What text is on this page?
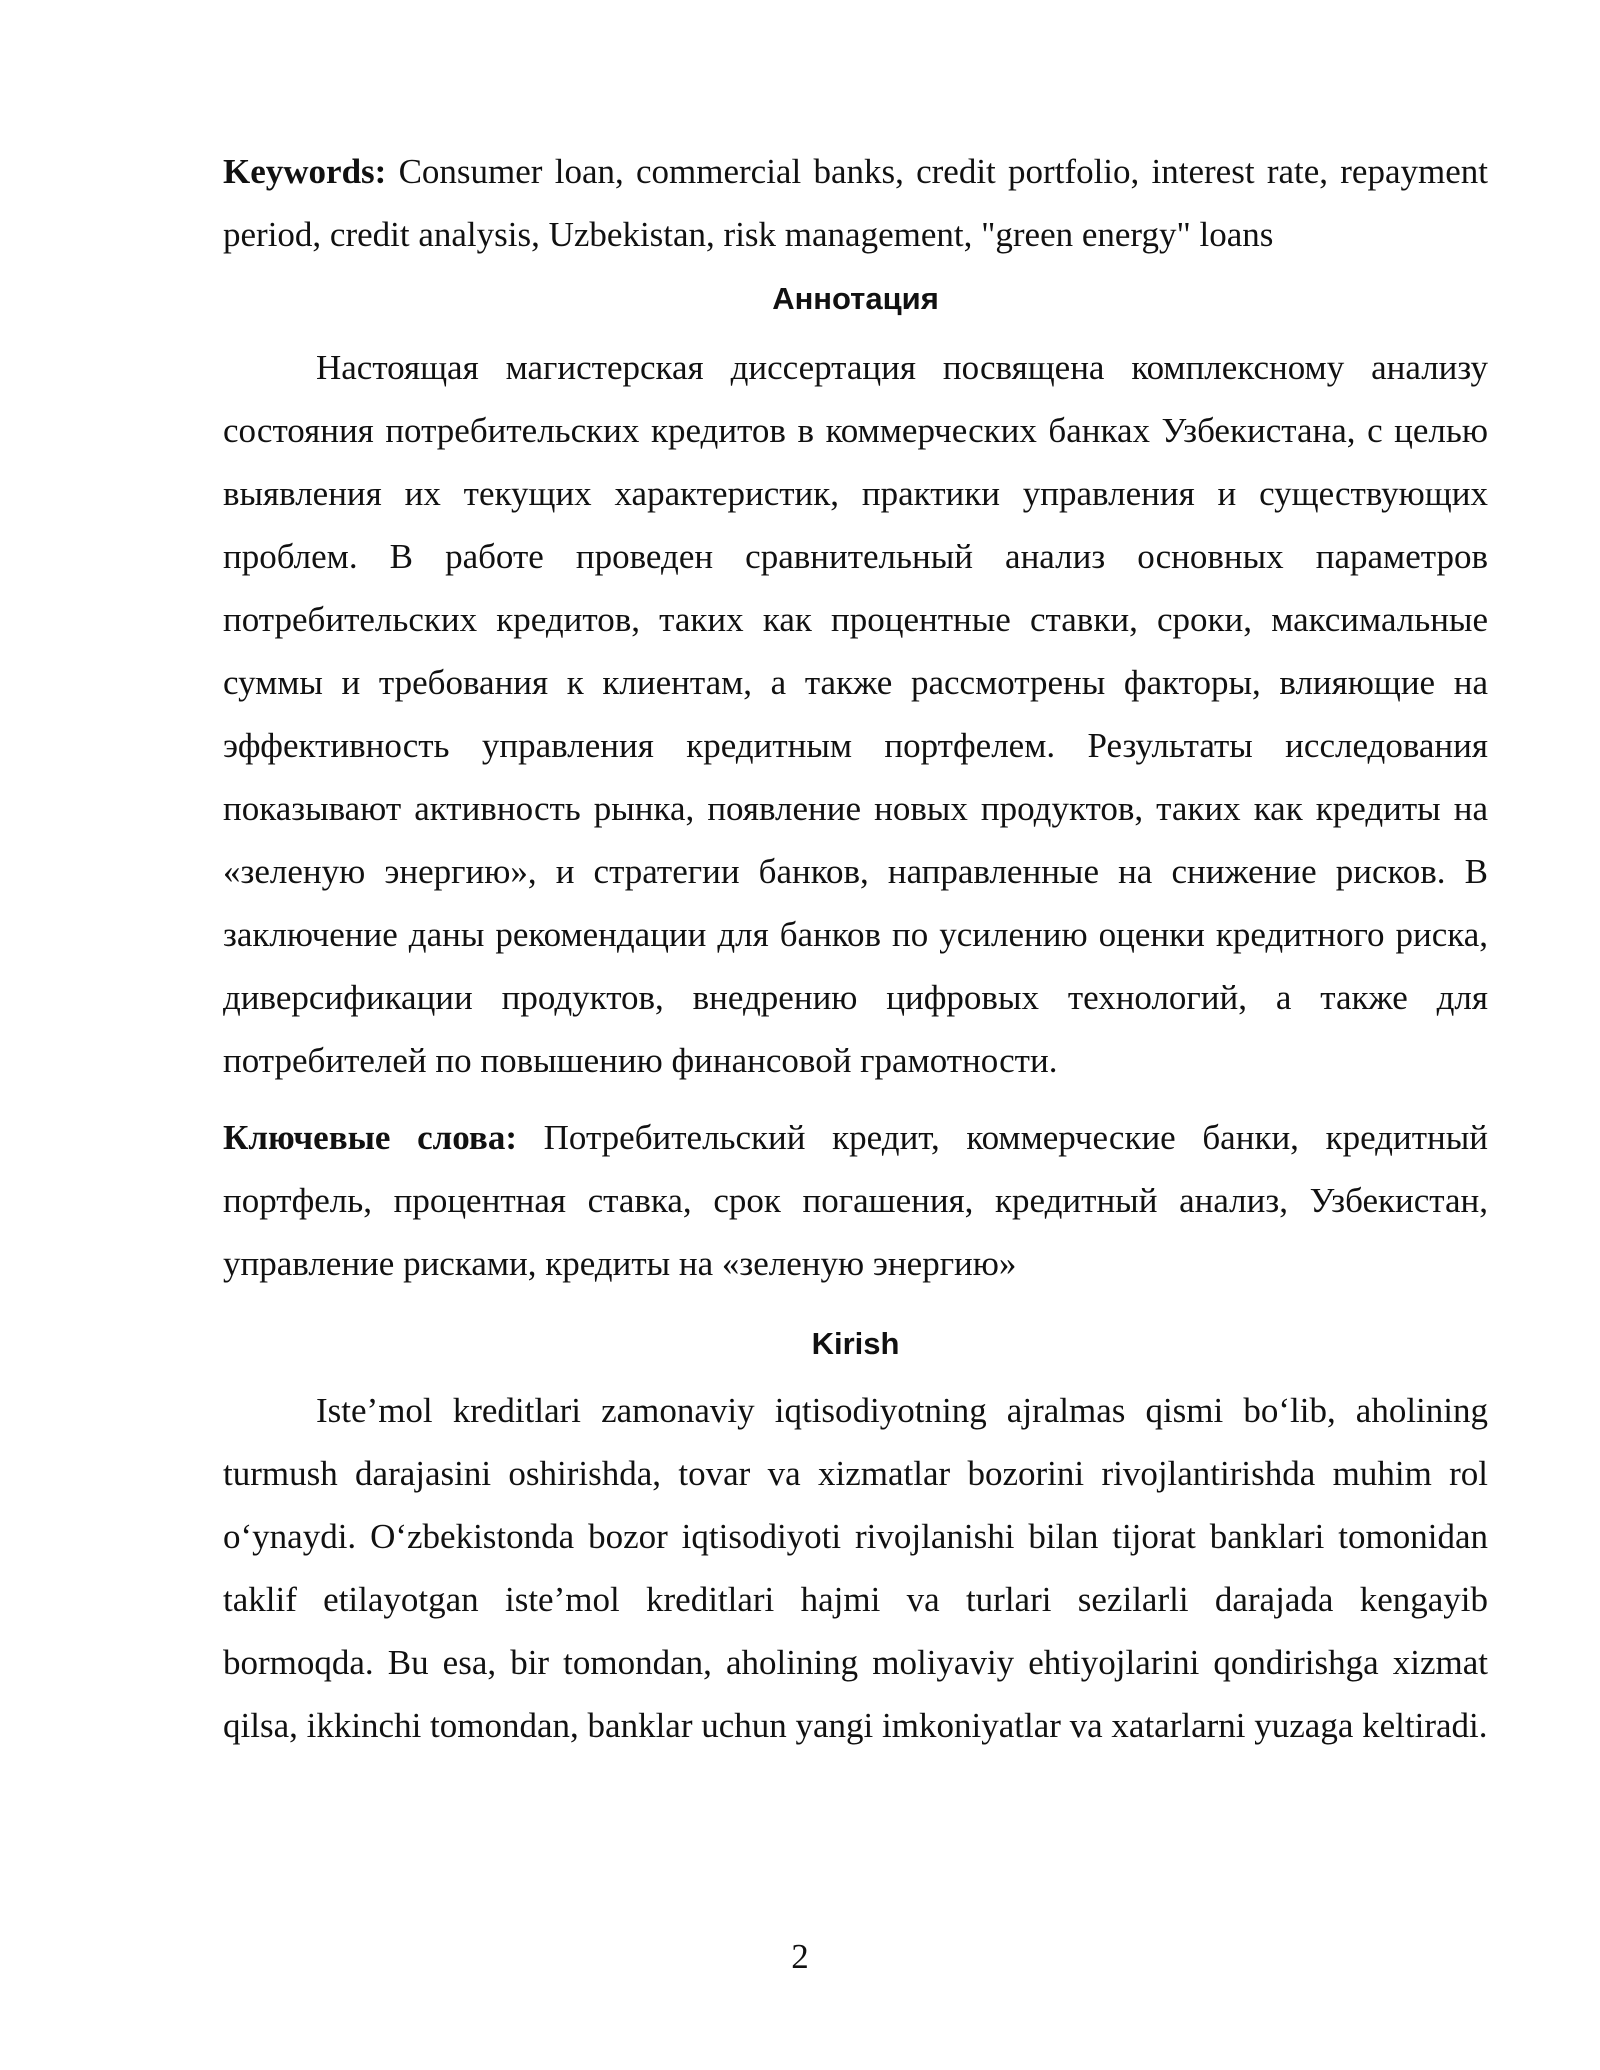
Keywords: Consumer loan, commercial banks, credit portfolio, interest rate, repayment period, credit analysis, Uzbekistan, risk management, "green energy" loans

Аннотация

Настоящая магистерская диссертация посвящена комплексному анализу состояния потребительских кредитов в коммерческих банках Узбекистана, с целью выявления их текущих характеристик, практики управления и существующих проблем. В работе проведен сравнительный анализ основных параметров потребительских кредитов, таких как процентные ставки, сроки, максимальные суммы и требования к клиентам, а также рассмотрены факторы, влияющие на эффективность управления кредитным портфелем. Результаты исследования показывают активность рынка, появление новых продуктов, таких как кредиты на «зеленую энергию», и стратегии банков, направленные на снижение рисков. В заключение даны рекомендации для банков по усилению оценки кредитного риска, диверсификации продуктов, внедрению цифровых технологий, а также для потребителей по повышению финансовой грамотности.

Ключевые слова: Потребительский кредит, коммерческие банки, кредитный портфель, процентная ставка, срок погашения, кредитный анализ, Узбекистан, управление рисками, кредиты на «зеленую энергию»

Kirish

Iste’mol kreditlari zamonaviy iqtisodiyotning ajralmas qismi bo‘lib, aholining turmush darajasini oshirishda, tovar va xizmatlar bozorini rivojlantirishda muhim rol o‘ynaydi. O‘zbekistonda bozor iqtisodiyoti rivojlanishi bilan tijorat banklari tomonidan taklif etilayotgan iste’mol kreditlari hajmi va turlari sezilarli darajada kengayib bormoqda. Bu esa, bir tomondan, aholining moliyaviy ehtiyojlarini qondirishga xizmat qilsa, ikkinchi tomondan, banklar uchun yangi imkoniyatlar va xatarlarni yuzaga keltiradi.

2
